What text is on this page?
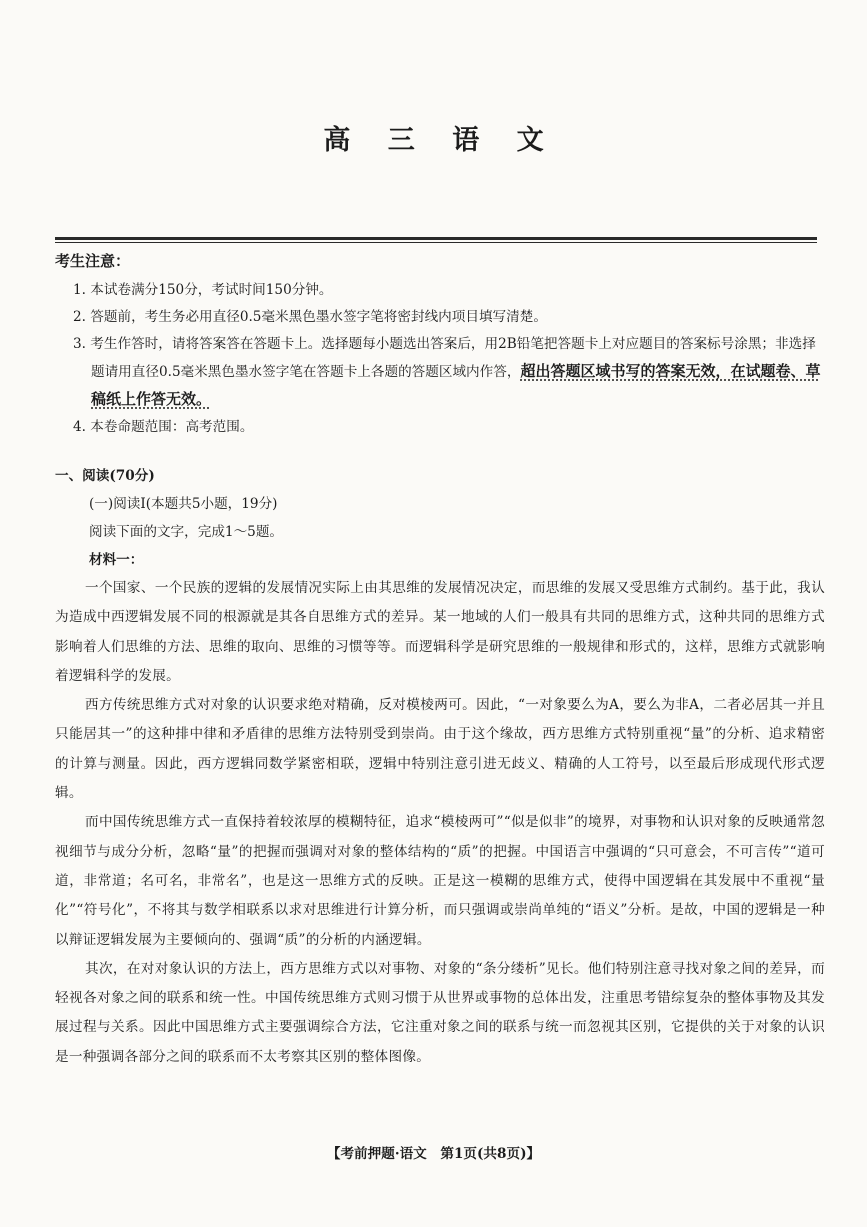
高 三 语 文
考生注意：
1. 本试卷满分150分，考试时间150分钟。
2. 答题前，考生务必用直径0.5毫米黑色墨水签字笔将密封线内项目填写清楚。
3. 考生作答时，请将答案答在答题卡上。选择题每小题选出答案后，用2B铅笔把答题卡上对应题目的答案标号涂黑；非选择题请用直径0.5毫米黑色墨水签字笔在答题卡上各题的答题区域内作答，超出答题区域书写的答案无效，在试题卷、草稿纸上作答无效。
4. 本卷命题范围：高考范围。
一、阅读(70分)
(一)阅读Ⅰ(本题共5小题，19分)
阅读下面的文字，完成1～5题。
材料一：

一个国家、一个民族的逻辑的发展情况实际上由其思维的发展情况决定，而思维的发展又受思维方式制约。基于此，我认为造成中西逻辑发展不同的根源就是其各自思维方式的差异。某一地域的人们一般具有共同的思维方式，这种共同的思维方式影响着人们思维的方法、思维的取向、思维的习惯等等。而逻辑科学是研究思维的一般规律和形式的，这样，思维方式就影响着逻辑科学的发展。

西方传统思维方式对对象的认识要求绝对精确，反对模棱两可。因此，“一对象要么为A，要么为非A，二者必居其一并且只能居其一”的这种排中律和矛盾律的思维方法特别受到崇尚。由于这个缘故，西方思维方式特别重视“量”的分析、追求精密的计算与测量。因此，西方逻辑同数学紧密相联，逻辑中特别注意引进无歧义、精确的人工符号，以至最后形成现代形式逻辑。

而中国传统思维方式一直保持着较浓厚的模糊特征，追求“模棱两可”“似是似非”的境界，对事物和认识对象的反映通常忽视细节与成分分析，忽略“量”的把握而强调对对象的整体结构的“质”的把握。中国语言中强调的“只可意会，不可言传”“道可道，非常道；名可名，非常名”，也是这一思维方式的反映。正是这一模糊的思维方式，使得中国逻辑在其发展中不重视“量化”“符号化”，不将其与数学相联系以求对思维进行计算分析，而只强调或崇尚单纯的“语义”分析。是故，中国的逻辑是一种以辩证逻辑发展为主要倾向的、强调“质”的分析的内涵逻辑。

其次，在对对象认识的方法上，西方思维方式以对事物、对象的“条分缕析”见长。他们特别注意寻找对象之间的差异，而轻视各对象之间的联系和统一性。中国传统思维方式则习惯于从世界或事物的总体出发，注重思考错综复杂的整体事物及其发展过程与关系。因此中国思维方式主要强调综合方法，它注重对象之间的联系与统一而忽视其区别，它提供的关于对象的认识是一种强调各部分之间的联系而不太考察其区别的整体图像。

【考前押题·语文　第1页(共8页)】
